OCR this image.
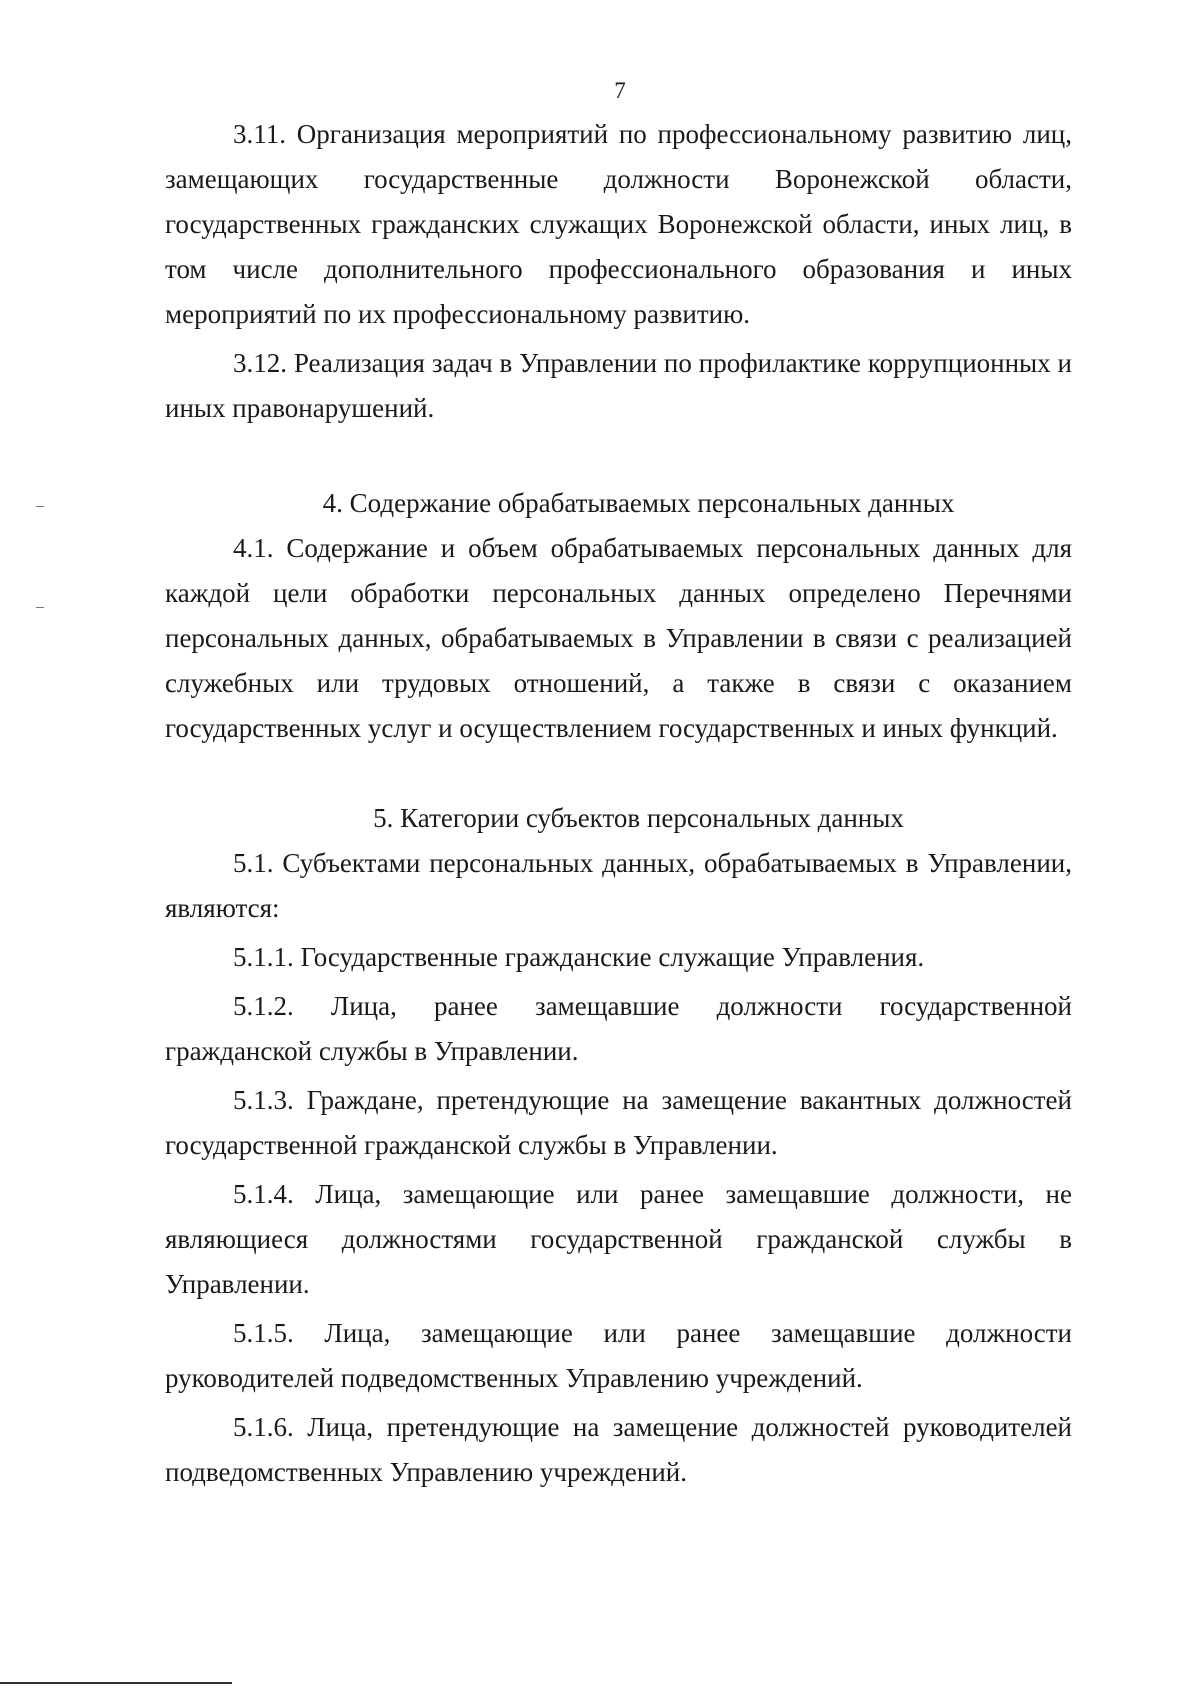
7

3.11. Организация мероприятий по профессиональному развитию лиц, замещающих государственные должности Воронежской области, государственных гражданских служащих Воронежской области, иных лиц, в том числе дополнительного профессионального образования и иных мероприятий по их профессиональному развитию.

3.12. Реализация задач в Управлении по профилактике коррупционных и иных правонарушений.

4. Содержание обрабатываемых персональных данных

4.1. Содержание и объем обрабатываемых персональных данных для каждой цели обработки персональных данных определено Перечнями персональных данных, обрабатываемых в Управлении в связи с реализацией служебных или трудовых отношений, а также в связи с оказанием государственных услуг и осуществлением государственных и иных функций.

5. Категории субъектов персональных данных

5.1. Субъектами персональных данных, обрабатываемых в Управлении, являются:

5.1.1. Государственные гражданские служащие Управления.

5.1.2. Лица, ранее замещавшие должности государственной гражданской службы в Управлении.

5.1.3. Граждане, претендующие на замещение вакантных должностей государственной гражданской службы в Управлении.

5.1.4. Лица, замещающие или ранее замещавшие должности, не являющиеся должностями государственной гражданской службы в Управлении.

5.1.5. Лица, замещающие или ранее замещавшие должности руководителей подведомственных Управлению учреждений.

5.1.6. Лица, претендующие на замещение должностей руководителей подведомственных Управлению учреждений.
